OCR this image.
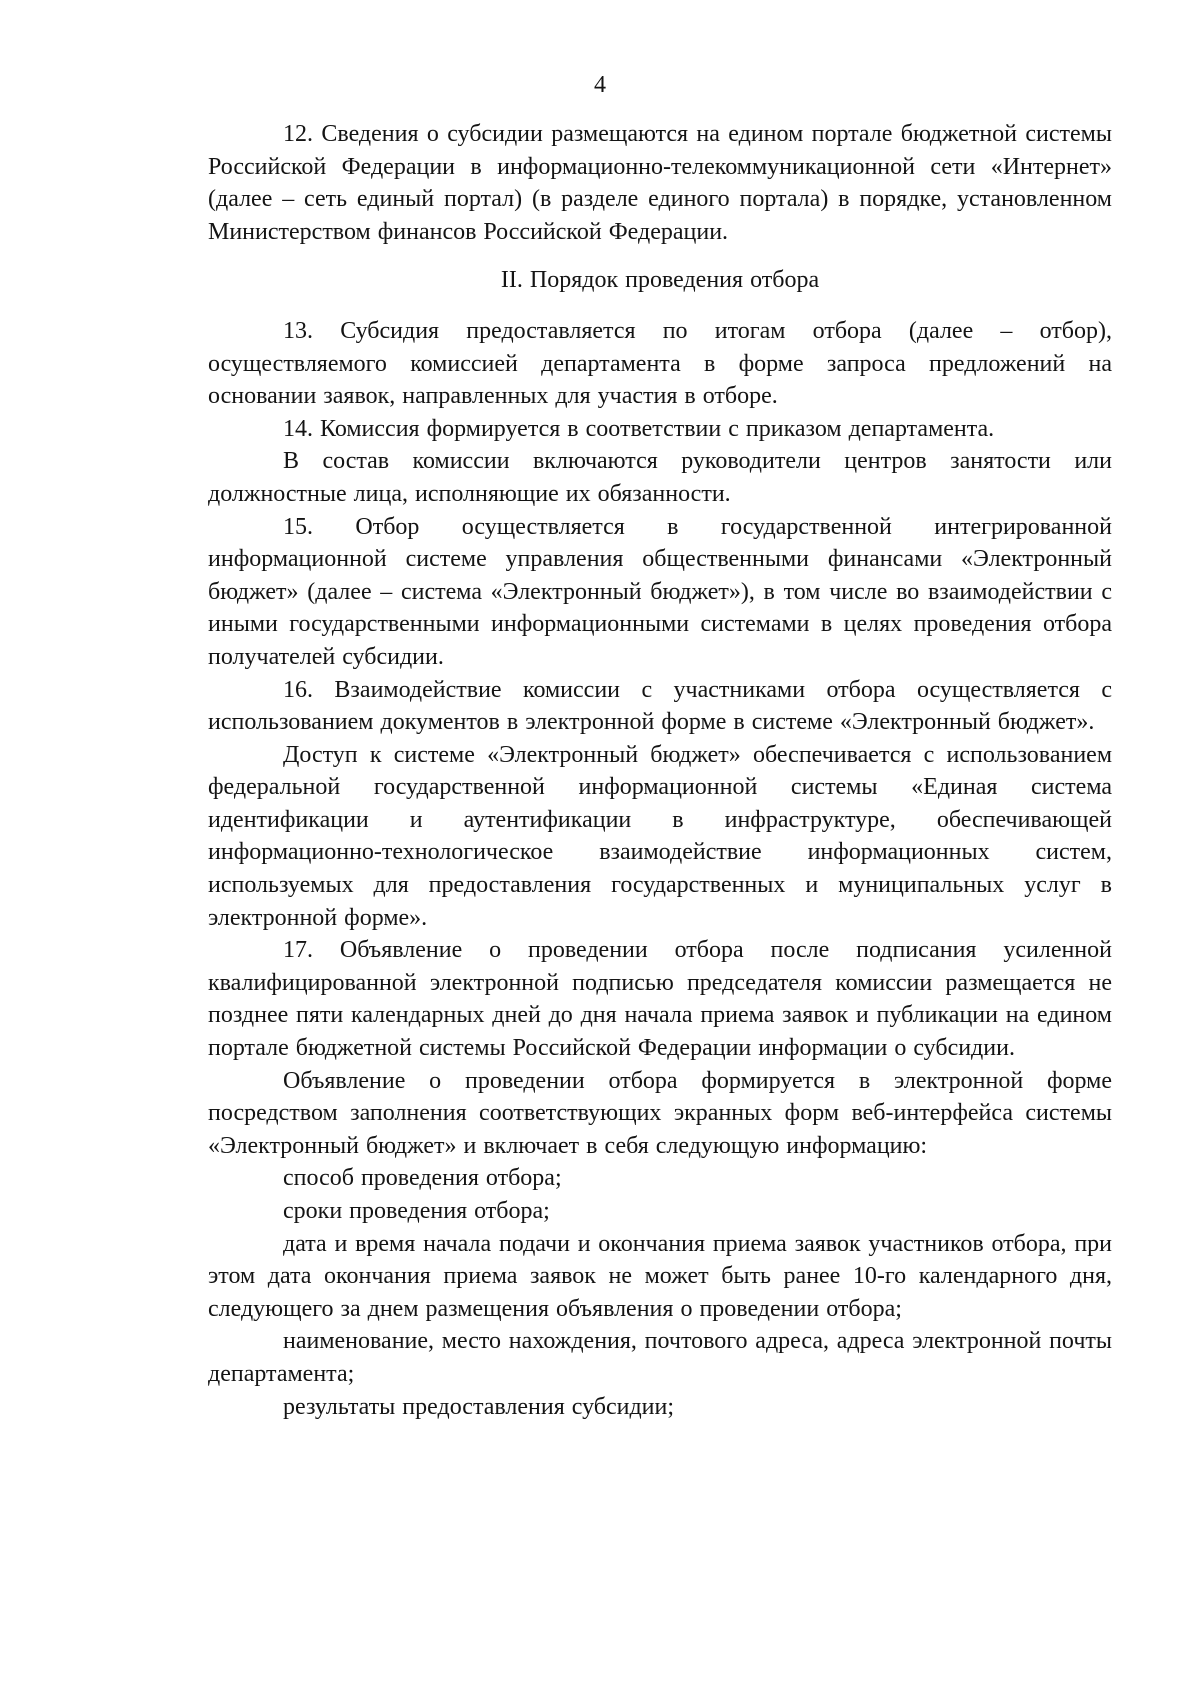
4

12. Сведения о субсидии размещаются на едином портале бюджетной системы Российской Федерации в информационно-телекоммуникационной сети «Интернет» (далее – сеть единый портал) (в разделе единого портала) в порядке, установленном Министерством финансов Российской Федерации.

II. Порядок проведения отбора

13. Субсидия предоставляется по итогам отбора (далее – отбор), осуществляемого комиссией департамента в форме запроса предложений на основании заявок, направленных для участия в отборе.

14. Комиссия формируется в соответствии с приказом департамента.

В состав комиссии включаются руководители центров занятости или должностные лица, исполняющие их обязанности.

15. Отбор осуществляется в государственной интегрированной информационной системе управления общественными финансами «Электронный бюджет» (далее – система «Электронный бюджет»), в том числе во взаимодействии с иными государственными информационными системами в целях проведения отбора получателей субсидии.

16. Взаимодействие комиссии с участниками отбора осуществляется с использованием документов в электронной форме в системе «Электронный бюджет».

Доступ к системе «Электронный бюджет» обеспечивается с использованием федеральной государственной информационной системы «Единая система идентификации и аутентификации в инфраструктуре, обеспечивающей информационно-технологическое взаимодействие информационных систем, используемых для предоставления государственных и муниципальных услуг в электронной форме».

17. Объявление о проведении отбора после подписания усиленной квалифицированной электронной подписью председателя комиссии размещается не позднее пяти календарных дней до дня начала приема заявок и публикации на едином портале бюджетной системы Российской Федерации информации о субсидии.

Объявление о проведении отбора формируется в электронной форме посредством заполнения соответствующих экранных форм веб-интерфейса системы «Электронный бюджет» и включает в себя следующую информацию:

способ проведения отбора;

сроки проведения отбора;

дата и время начала подачи и окончания приема заявок участников отбора, при этом дата окончания приема заявок не может быть ранее 10-го календарного дня, следующего за днем размещения объявления о проведении отбора;

наименование, место нахождения, почтового адреса, адреса электронной почты департамента;

результаты предоставления субсидии;
